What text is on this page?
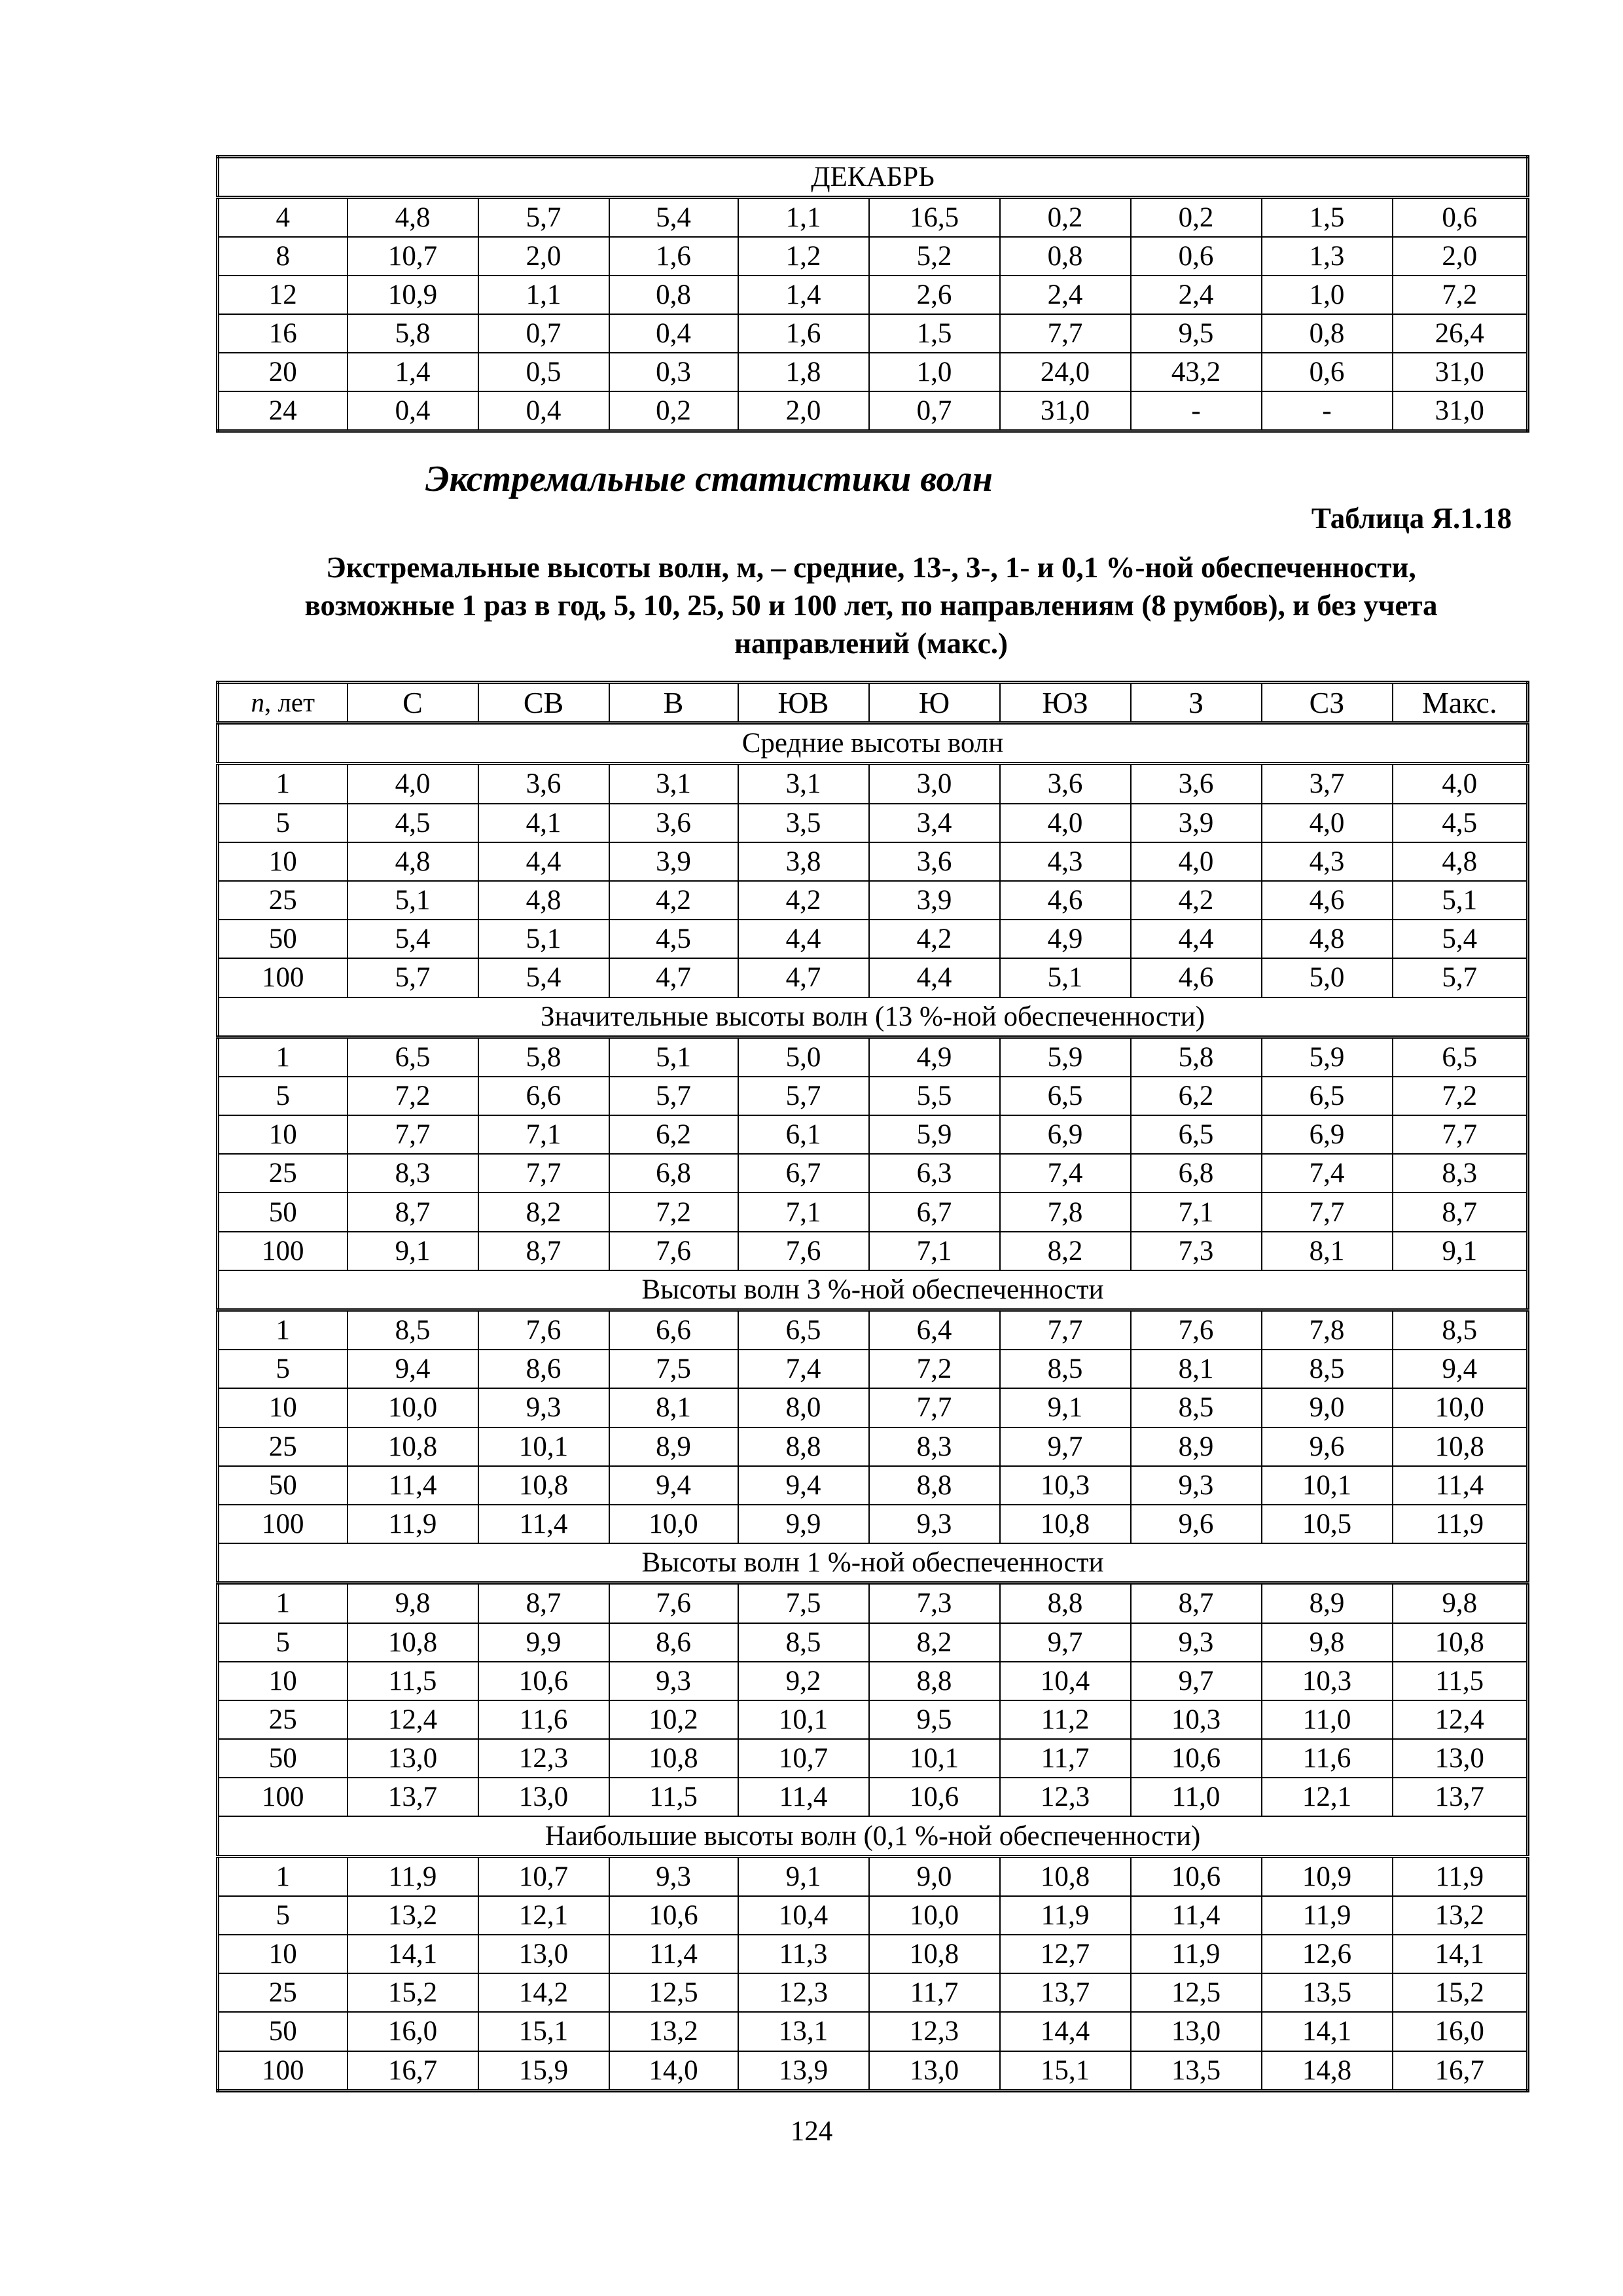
ДЕКАБРЬ									
4	4,8	5,7	5,4	1,1	16,5	0,2	0,2	1,5	0,6
8	10,7	2,0	1,6	1,2	5,2	0,8	0,6	1,3	2,0
12	10,9	1,1	0,8	1,4	2,6	2,4	2,4	1,0	7,2
16	5,8	0,7	0,4	1,6	1,5	7,7	9,5	0,8	26,4
20	1,4	0,5	0,3	1,8	1,0	24,0	43,2	0,6	31,0
24	0,4	0,4	0,2	2,0	0,7	31,0	-	-	31,0
Экстремальные статистики волн
Таблица Я.1.18
Экстремальные высоты волн, м, – средние, 13-, 3-, 1- и 0,1 %-ной обеспеченности,
возможные 1 раз в год, 5, 10, 25, 50 и 100 лет, по направлениям (8 румбов), и без учета
направлений (макс.)
n, лет	С	СВ	В	ЮВ	Ю	ЮЗ	З	СЗ	Макс.
Средние высоты волн									
1	4,0	3,6	3,1	3,1	3,0	3,6	3,6	3,7	4,0
5	4,5	4,1	3,6	3,5	3,4	4,0	3,9	4,0	4,5
10	4,8	4,4	3,9	3,8	3,6	4,3	4,0	4,3	4,8
25	5,1	4,8	4,2	4,2	3,9	4,6	4,2	4,6	5,1
50	5,4	5,1	4,5	4,4	4,2	4,9	4,4	4,8	5,4
100	5,7	5,4	4,7	4,7	4,4	5,1	4,6	5,0	5,7
Значительные высоты волн (13 %-ной обеспеченности)									
1	6,5	5,8	5,1	5,0	4,9	5,9	5,8	5,9	6,5
5	7,2	6,6	5,7	5,7	5,5	6,5	6,2	6,5	7,2
10	7,7	7,1	6,2	6,1	5,9	6,9	6,5	6,9	7,7
25	8,3	7,7	6,8	6,7	6,3	7,4	6,8	7,4	8,3
50	8,7	8,2	7,2	7,1	6,7	7,8	7,1	7,7	8,7
100	9,1	8,7	7,6	7,6	7,1	8,2	7,3	8,1	9,1
Высоты волн 3 %-ной обеспеченности									
1	8,5	7,6	6,6	6,5	6,4	7,7	7,6	7,8	8,5
5	9,4	8,6	7,5	7,4	7,2	8,5	8,1	8,5	9,4
10	10,0	9,3	8,1	8,0	7,7	9,1	8,5	9,0	10,0
25	10,8	10,1	8,9	8,8	8,3	9,7	8,9	9,6	10,8
50	11,4	10,8	9,4	9,4	8,8	10,3	9,3	10,1	11,4
100	11,9	11,4	10,0	9,9	9,3	10,8	9,6	10,5	11,9
Высоты волн 1 %-ной обеспеченности									
1	9,8	8,7	7,6	7,5	7,3	8,8	8,7	8,9	9,8
5	10,8	9,9	8,6	8,5	8,2	9,7	9,3	9,8	10,8
10	11,5	10,6	9,3	9,2	8,8	10,4	9,7	10,3	11,5
25	12,4	11,6	10,2	10,1	9,5	11,2	10,3	11,0	12,4
50	13,0	12,3	10,8	10,7	10,1	11,7	10,6	11,6	13,0
100	13,7	13,0	11,5	11,4	10,6	12,3	11,0	12,1	13,7
Наибольшие высоты волн (0,1 %-ной обеспеченности)									
1	11,9	10,7	9,3	9,1	9,0	10,8	10,6	10,9	11,9
5	13,2	12,1	10,6	10,4	10,0	11,9	11,4	11,9	13,2
10	14,1	13,0	11,4	11,3	10,8	12,7	11,9	12,6	14,1
25	15,2	14,2	12,5	12,3	11,7	13,7	12,5	13,5	15,2
50	16,0	15,1	13,2	13,1	12,3	14,4	13,0	14,1	16,0
100	16,7	15,9	14,0	13,9	13,0	15,1	13,5	14,8	16,7
124
